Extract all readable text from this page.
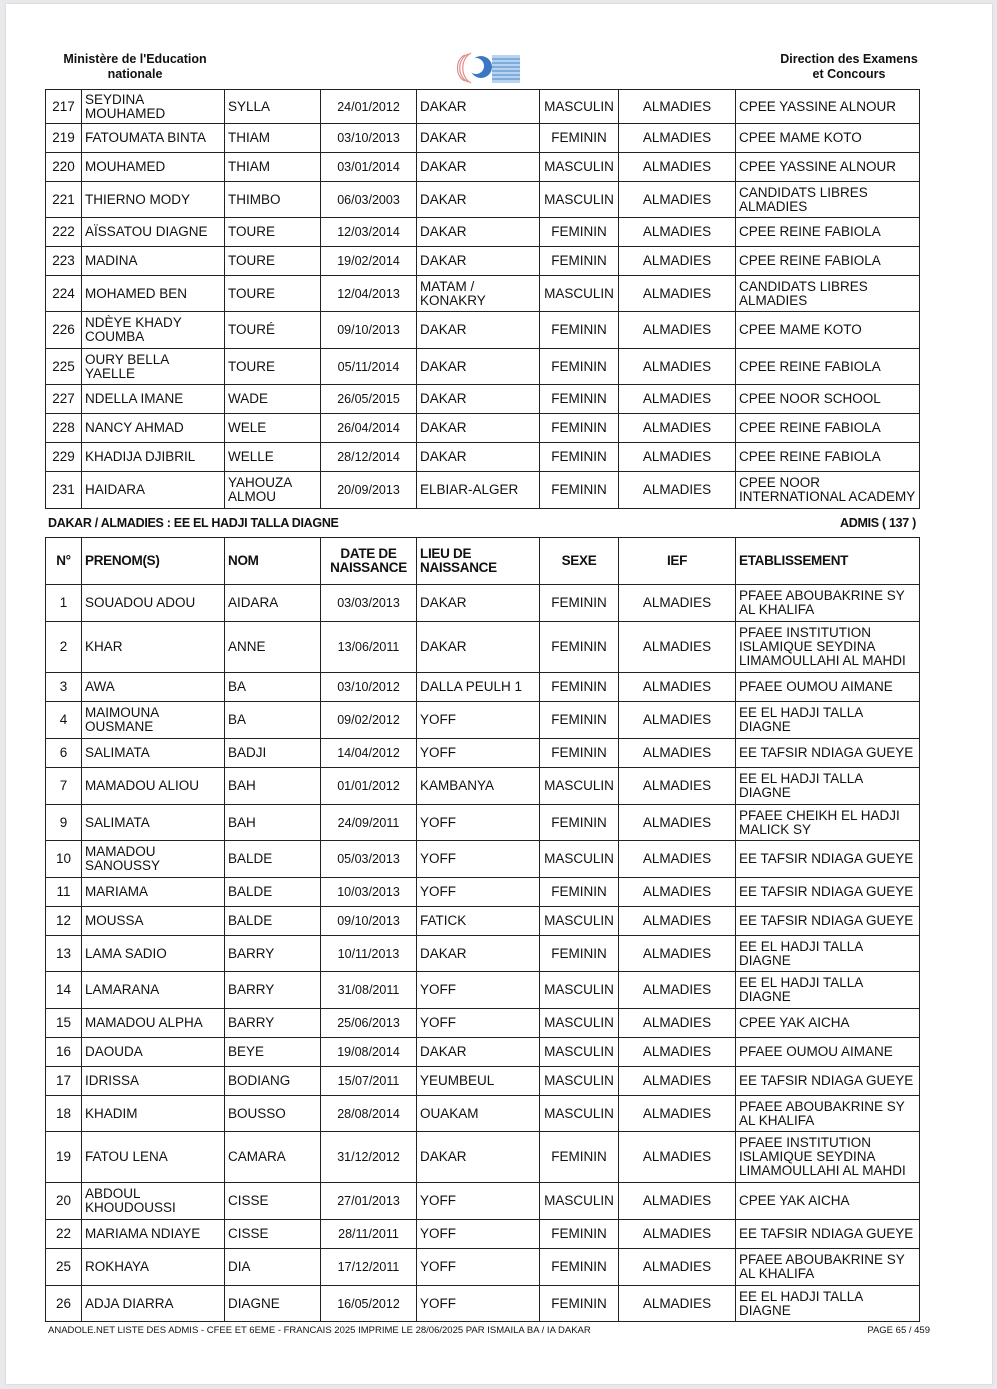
Ministère de l'Education
nationale
Direction des Examens
et Concours
217	SEYDINA MOUHAMED	SYLLA	24/01/2012	DAKAR	MASCULIN	ALMADIES	CPEE YASSINE ALNOUR
219	FATOUMATA BINTA	THIAM	03/10/2013	DAKAR	FEMININ	ALMADIES	CPEE MAME KOTO
220	MOUHAMED	THIAM	03/01/2014	DAKAR	MASCULIN	ALMADIES	CPEE YASSINE ALNOUR
221	THIERNO MODY	THIMBO	06/03/2003	DAKAR	MASCULIN	ALMADIES	CANDIDATS LIBRES ALMADIES
222	AÏSSATOU DIAGNE	TOURE	12/03/2014	DAKAR	FEMININ	ALMADIES	CPEE REINE FABIOLA
223	MADINA	TOURE	19/02/2014	DAKAR	FEMININ	ALMADIES	CPEE REINE FABIOLA
224	MOHAMED BEN	TOURE	12/04/2013	MATAM / KONAKRY	MASCULIN	ALMADIES	CANDIDATS LIBRES ALMADIES
226	NDÈYE KHADY COUMBA	TOURÉ	09/10/2013	DAKAR	FEMININ	ALMADIES	CPEE MAME KOTO
225	OURY BELLA YAELLE	TOURE	05/11/2014	DAKAR	FEMININ	ALMADIES	CPEE REINE FABIOLA
227	NDELLA IMANE	WADE	26/05/2015	DAKAR	FEMININ	ALMADIES	CPEE NOOR SCHOOL
228	NANCY AHMAD	WELE	26/04/2014	DAKAR	FEMININ	ALMADIES	CPEE REINE FABIOLA
229	KHADIJA DJIBRIL	WELLE	28/12/2014	DAKAR	FEMININ	ALMADIES	CPEE REINE FABIOLA
231	HAIDARA	YAHOUZA ALMOU	20/09/2013	ELBIAR-ALGER	FEMININ	ALMADIES	CPEE NOOR INTERNATIONAL ACADEMY
DAKAR / ALMADIES : EE EL HADJI TALLA DIAGNE	ADMIS ( 137 )
N°	PRENOM(S)	NOM	DATE DE NAISSANCE	LIEU DE NAISSANCE	SEXE	IEF	ETABLISSEMENT
1	SOUADOU ADOU	AIDARA	03/03/2013	DAKAR	FEMININ	ALMADIES	PFAEE ABOUBAKRINE SY AL KHALIFA
2	KHAR	ANNE	13/06/2011	DAKAR	FEMININ	ALMADIES	PFAEE INSTITUTION ISLAMIQUE SEYDINA LIMAMOULLAHI AL MAHDI
3	AWA	BA	03/10/2012	DALLA PEULH 1	FEMININ	ALMADIES	PFAEE OUMOU AIMANE
4	MAIMOUNA OUSMANE	BA	09/02/2012	YOFF	FEMININ	ALMADIES	EE EL HADJI TALLA DIAGNE
6	SALIMATA	BADJI	14/04/2012	YOFF	FEMININ	ALMADIES	EE TAFSIR NDIAGA GUEYE
7	MAMADOU ALIOU	BAH	01/01/2012	KAMBANYA	MASCULIN	ALMADIES	EE EL HADJI TALLA DIAGNE
9	SALIMATA	BAH	24/09/2011	YOFF	FEMININ	ALMADIES	PFAEE CHEIKH EL HADJI MALICK SY
10	MAMADOU SANOUSSY	BALDE	05/03/2013	YOFF	MASCULIN	ALMADIES	EE TAFSIR NDIAGA GUEYE
11	MARIAMA	BALDE	10/03/2013	YOFF	FEMININ	ALMADIES	EE TAFSIR NDIAGA GUEYE
12	MOUSSA	BALDE	09/10/2013	FATICK	MASCULIN	ALMADIES	EE TAFSIR NDIAGA GUEYE
13	LAMA SADIO	BARRY	10/11/2013	DAKAR	FEMININ	ALMADIES	EE EL HADJI TALLA DIAGNE
14	LAMARANA	BARRY	31/08/2011	YOFF	MASCULIN	ALMADIES	EE EL HADJI TALLA DIAGNE
15	MAMADOU ALPHA	BARRY	25/06/2013	YOFF	MASCULIN	ALMADIES	CPEE YAK AICHA
16	DAOUDA	BEYE	19/08/2014	DAKAR	MASCULIN	ALMADIES	PFAEE OUMOU AIMANE
17	IDRISSA	BODIANG	15/07/2011	YEUMBEUL	MASCULIN	ALMADIES	EE TAFSIR NDIAGA GUEYE
18	KHADIM	BOUSSO	28/08/2014	OUAKAM	MASCULIN	ALMADIES	PFAEE ABOUBAKRINE SY AL KHALIFA
19	FATOU LENA	CAMARA	31/12/2012	DAKAR	FEMININ	ALMADIES	PFAEE INSTITUTION ISLAMIQUE SEYDINA LIMAMOULLAHI AL MAHDI
20	ABDOUL KHOUDOUSSI	CISSE	27/01/2013	YOFF	MASCULIN	ALMADIES	CPEE YAK AICHA
22	MARIAMA NDIAYE	CISSE	28/11/2011	YOFF	FEMININ	ALMADIES	EE TAFSIR NDIAGA GUEYE
25	ROKHAYA	DIA	17/12/2011	YOFF	FEMININ	ALMADIES	PFAEE ABOUBAKRINE SY AL KHALIFA
26	ADJA DIARRA	DIAGNE	16/05/2012	YOFF	FEMININ	ALMADIES	EE EL HADJI TALLA DIAGNE
ANADOLE.NET LISTE DES ADMIS - CFEE ET 6EME - FRANCAIS 2025 IMPRIME LE 28/06/2025 PAR ISMAILA BA / IA DAKAR	PAGE 65 / 459
